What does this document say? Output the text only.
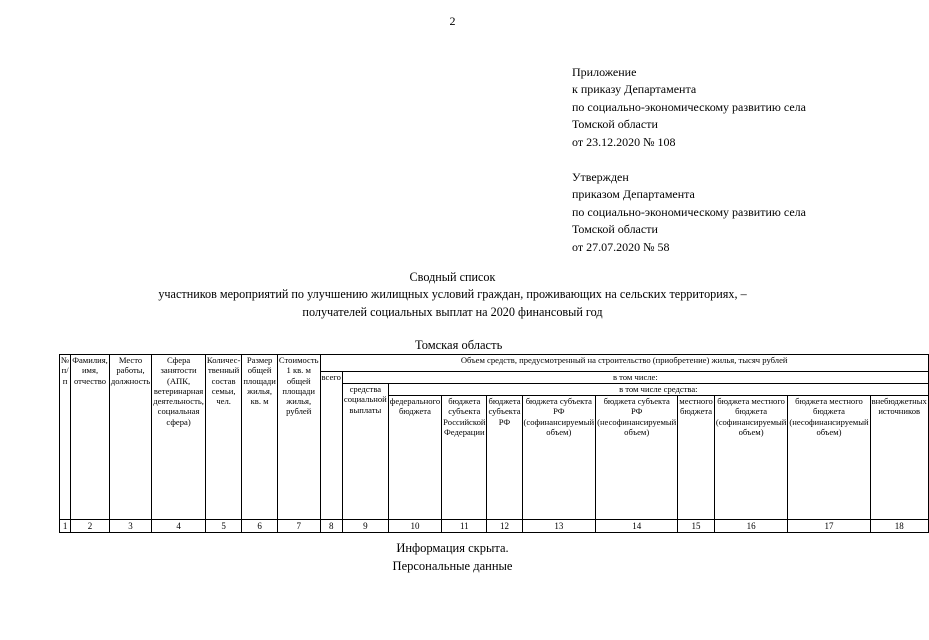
2
Приложение
к приказу Департамента
по социально-экономическому развитию села
Томской области
от 23.12.2020 № 108
Утвержден
приказом Департамента
по социально-экономическому развитию села
Томской области
от 27.07.2020 № 58
Сводный список
участников мероприятий по улучшению жилищных условий граждан, проживающих на сельских территориях, –
получателей социальных выплат на 2020 финансовый год
Томская область
№ п/п	Фамилия, имя, отчество	Место работы, должность	Сфера занятости (АПК, ветеринарная деятельность, социальная сфера)	Количес-твенный состав семьи, чел.	Размер общей площади жилья, кв. м	Стоимость 1 кв. м общей площади жилья, рублей	Объем средств, предусмотренный на строительство (приобретение) жилья, тысяч рублей										
							всего	в том числе:									
								средства социальной выплаты	в том числе средства:								
									федерального бюджета	бюджета субъекта Российской Федерации	бюджета субъекта РФ	бюджета субъекта РФ (софинансируемый объем)	бюджета субъекта РФ (несофинансируемый объем)	местного бюджета	бюджета местного бюджета (софинансируемый объем)	бюджета местного бюджета (несофинансируемый объем)	внебюджетных источников
1	2	3	4	5	6	7	8	9	10	11	12	13	14	15	16	17	18
Информация скрыта.
Персональные данные
